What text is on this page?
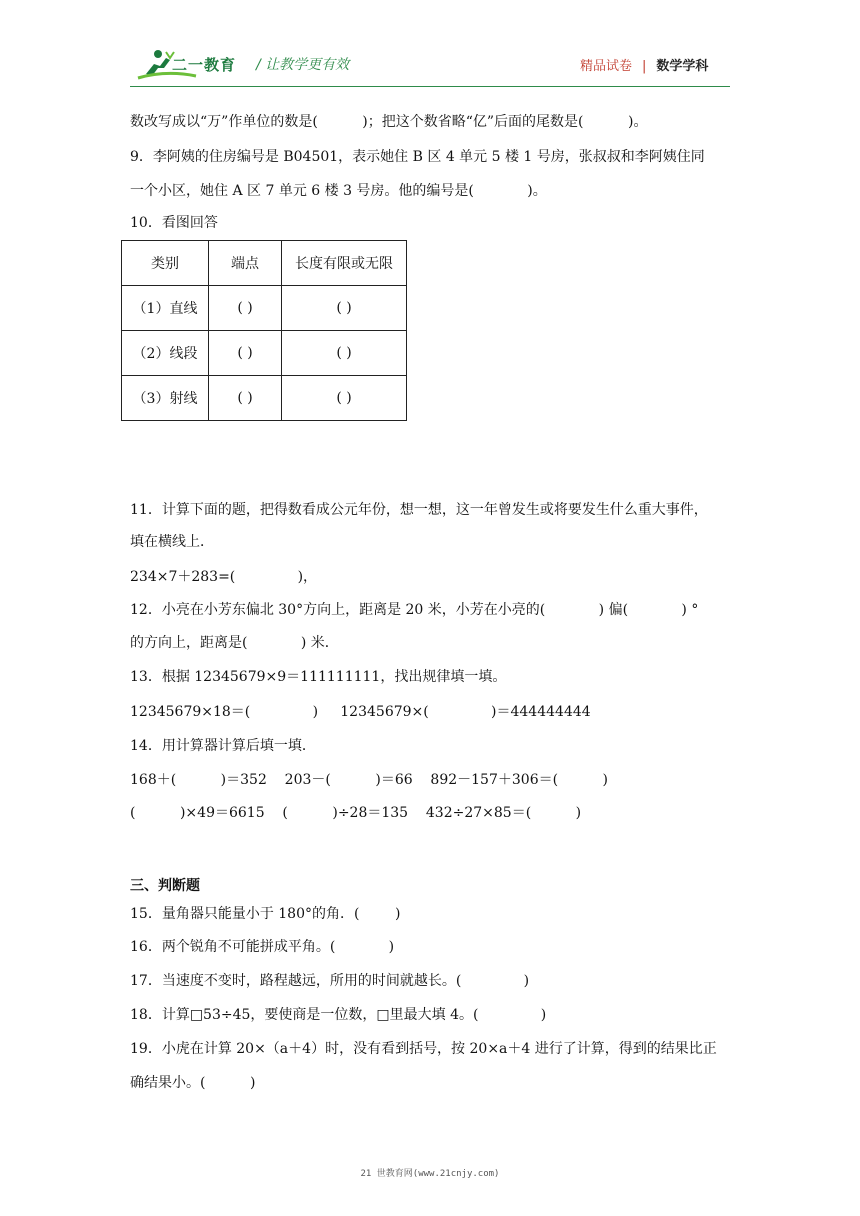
二一教育 / 让教学更有效	精品试卷 | 数学学科
数改写成以“万”作单位的数是(          )；把这个数省略“亿”后面的尾数是(          )。
9．李阿姨的住房编号是 B04501，表示她住 B 区 4 单元 5 楼 1 号房，张叔叔和李阿姨住同
一个小区，她住 A 区 7 单元 6 楼 3 号房。他的编号是(            )。
10．看图回答
类别	端点	长度有限或无限
（1）直线	( )	( )
（2）线段	( )	( )
（3）射线	( )	( )
11．计算下面的题，把得数看成公元年份，想一想，这一年曾发生或将要发生什么重大事件，
填在横线上．
234×7＋283=(              )，
12．小亮在小芳东偏北 30°方向上，距离是 20 米，小芳在小亮的(            ) 偏(            ) °
的方向上，距离是(            ) 米．
13．根据 12345679×9＝111111111，找出规律填一填。
12345679×18＝(              )     12345679×(              )＝444444444
14．用计算器计算后填一填．
168＋(          )＝352    203－(          )＝66    892－157＋306＝(          )
(          )×49＝6615    (          )÷28＝135    432÷27×85＝(          )
三、判断题
15．量角器只能量小于 180°的角．(        )
16．两个锐角不可能拼成平角。(            )
17．当速度不变时，路程越远，所用的时间就越长。(              )
18．计算□53÷45，要使商是一位数，□里最大填 4。(              )
19．小虎在计算 20×（a＋4）时，没有看到括号，按 20×a＋4 进行了计算，得到的结果比正
确结果小。(          )
21 世教育网(www.21cnjy.com)
